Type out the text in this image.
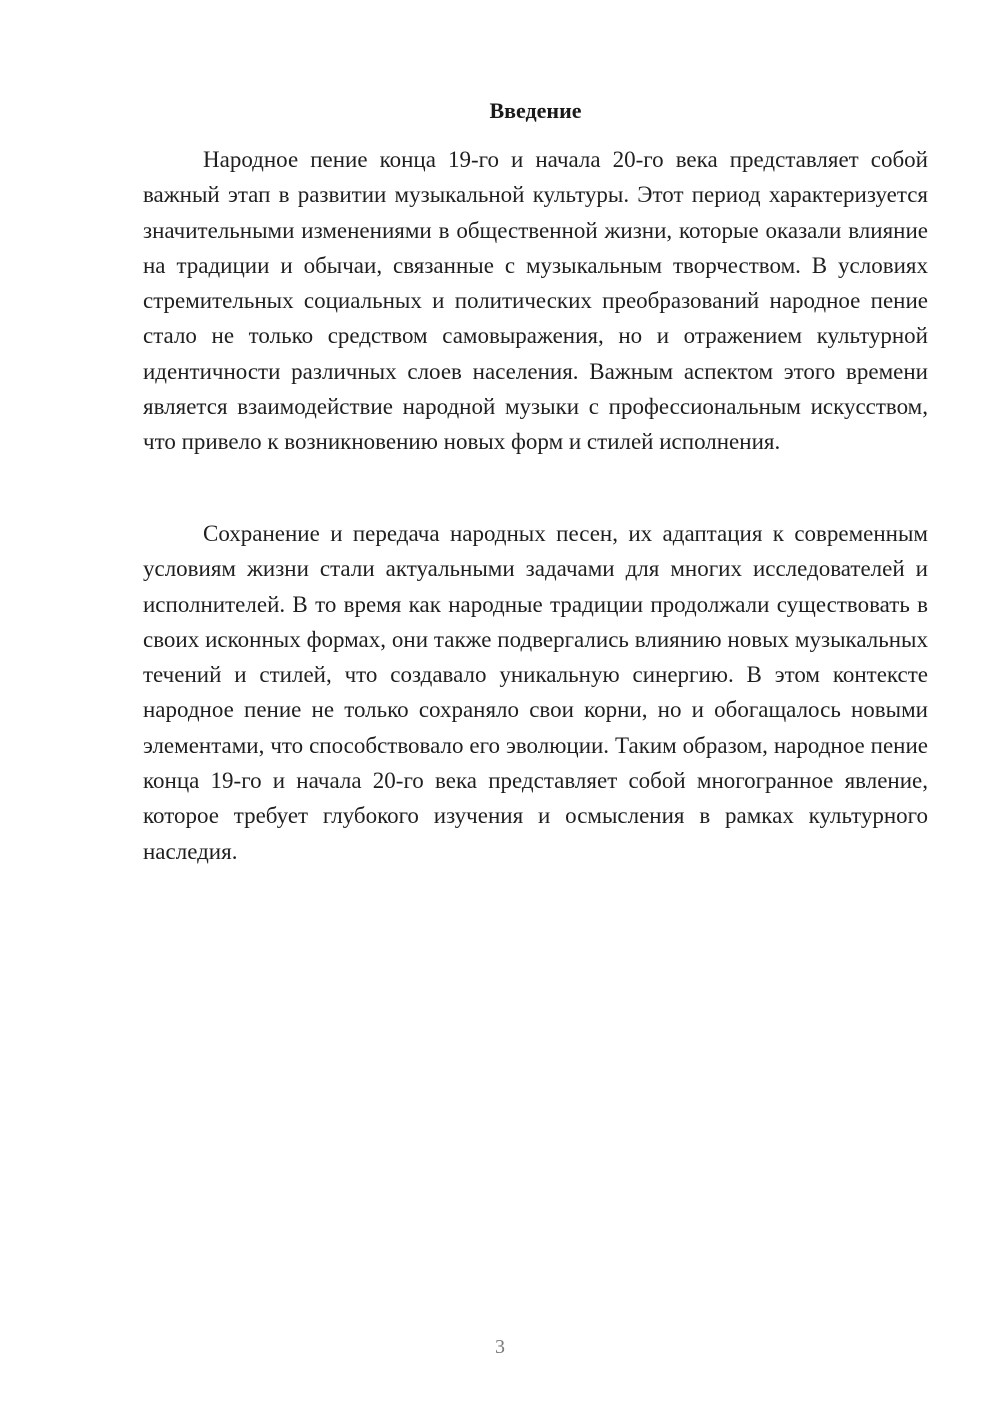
Введение

Народное пение конца 19-го и начала 20-го века представляет собой важный этап в развитии музыкальной культуры. Этот период характеризуется значительными изменениями в общественной жизни, которые оказали влияние на традиции и обычаи, связанные с музыкальным творчеством. В условиях стремительных социальных и политических преобразований народное пение стало не только средством самовыражения, но и отражением культурной идентичности различных слоев населения. Важным аспектом этого времени является взаимодействие народной музыки с профессиональным искусством, что привело к возникновению новых форм и стилей исполнения.

Сохранение и передача народных песен, их адаптация к современным условиям жизни стали актуальными задачами для многих исследователей и исполнителей. В то время как народные традиции продолжали существовать в своих исконных формах, они также подвергались влиянию новых музыкальных течений и стилей, что создавало уникальную синергию. В этом контексте народное пение не только сохраняло свои корни, но и обогащалось новыми элементами, что способствовало его эволюции. Таким образом, народное пение конца 19-го и начала 20-го века представляет собой многогранное явление, которое требует глубокого изучения и осмысления в рамках культурного наследия.

3
